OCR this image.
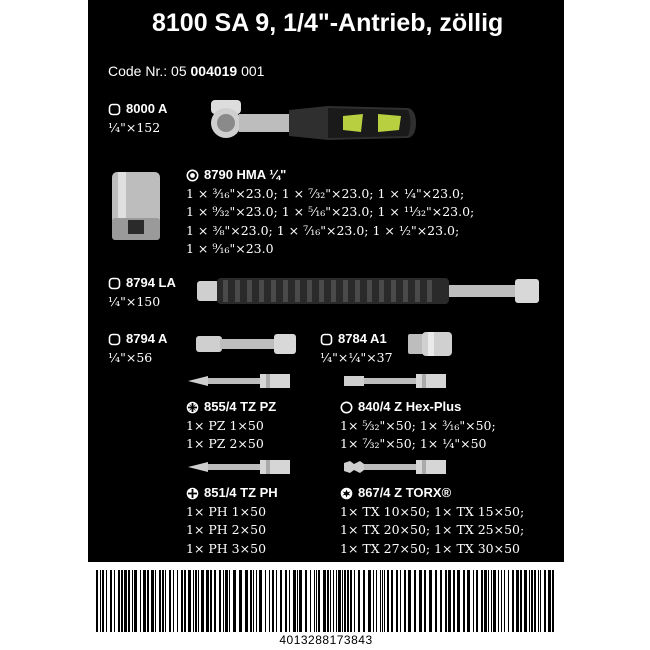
8100 SA 9, 1/4"-Antrieb, zöllig
Code Nr.: 05 004019 001
8000 A
¼"×152
8790 HMA ¼"
1 × ³⁄₁₆"×23.0; 1 × ⁷⁄₃₂"×23.0; 1 × ¼"×23.0;
1 × ⁹⁄₃₂"×23.0; 1 × ⁵⁄₁₆"×23.0; 1 × ¹¹⁄₃₂"×23.0;
1 × ⅜"×23.0; 1 × ⁷⁄₁₆"×23.0; 1 × ½"×23.0;
1 × ⁹⁄₁₆"×23.0
8794 LA
¼"×150
8794 A
¼"×56
8784 A1
¼"×¼"×37
855/4 TZ PZ
1× PZ 1×50
1× PZ 2×50
840/4 Z Hex-Plus
1× ⁵⁄₃₂"×50; 1× ³⁄₁₆"×50;
1× ⁷⁄₃₂"×50; 1× ¼"×50
851/4 TZ PH
1× PH 1×50
1× PH 2×50
1× PH 3×50
867/4 Z TORX®
1× TX 10×50; 1× TX 15×50;
1× TX 20×50; 1× TX 25×50;
1× TX 27×50; 1× TX 30×50
4013288173843
